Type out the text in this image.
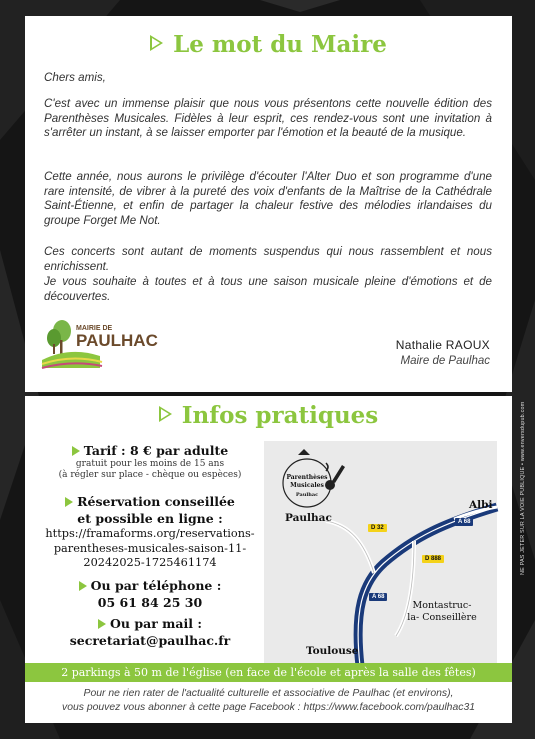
Le mot du Maire

Chers amis,

C'est avec un immense plaisir que nous vous présentons cette nouvelle édition des Parenthèses Musicales. Fidèles à leur esprit, ces rendez-vous sont une invitation à s'arrêter un instant, à se laisser emporter par l'émotion et la beauté de la musique.

Cette année, nous aurons le privilège d'écouter l'Alter Duo et son programme d'une rare intensité, de vibrer à la pureté des voix d'enfants de la Maîtrise de la Cathédrale Saint-Étienne, et enfin de partager la chaleur festive des mélodies irlandaises du groupe Forget Me Not.

Ces concerts sont autant de moments suspendus qui nous rassemblent et nous enrichissent.

Je vous souhaite à toutes et à tous une saison musicale pleine d'émotions et de découvertes.

MAIRIE DE
PAULHAC	Nathalie RAOUX
Maire de Paulhac
Infos pratiques
Tarif : 8 € par adulte
gratuit pour les moins de 15 ans
(à régler sur place - chèque ou espèces)
Réservation conseillée
et possible en ligne :
https://framaforms.org/reservations-
parentheses-musicales-saison-11-
20242025-1725461174
Ou par téléphone :
05 61 84 25 30
Ou par mail :
secretariat@paulhac.fr
Parenthèses
Musicales
Paulhac
Paulhac
Albi
Montastruc-
la- Conseillère
Toulouse
D 32
D 888
A 68
A 68
2 parkings à 50 m de l'église (en face de l'école et après la salle des fêtes)
Pour ne rien rater de l'actualité culturelle et associative de Paulhac (et environs),
vous pouvez vous abonner à cette page Facebook : https://www.facebook.com/paulhac31
NE PAS JETER SUR LA VOIE PUBLIQUE • www.enversdupub.com
